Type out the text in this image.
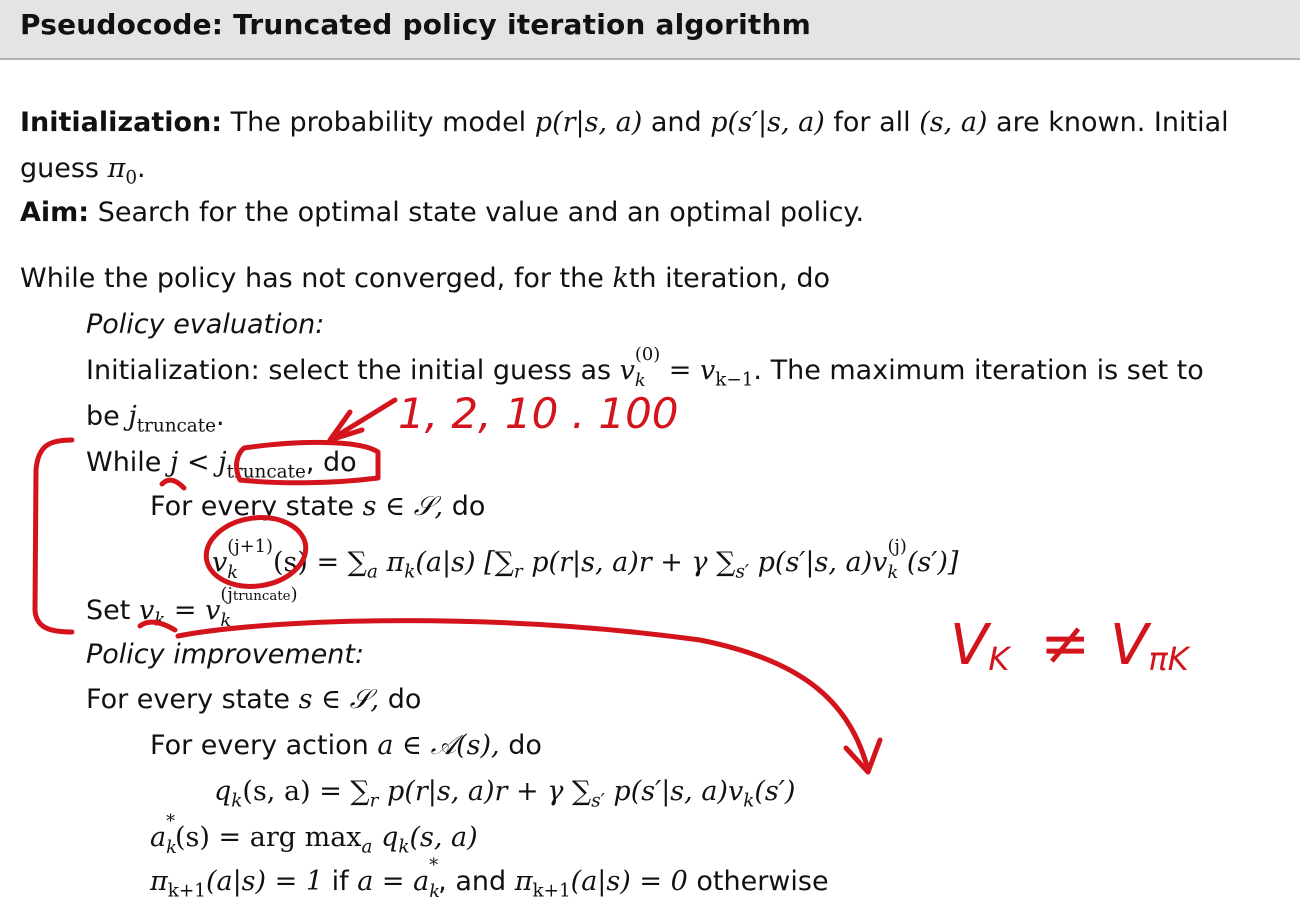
Pseudocode: Truncated policy iteration algorithm
Initialization: The probability model p(r|s, a) and p(s′|s, a) for all (s, a) are known. Initial
guess $\pi_0$.
Aim: Search for the optimal state value and an optimal policy.
While the policy has not converged, for the kth iteration, do
Policy evaluation:
Initialization: select the initial guess as v
(0)
$k = v_{k-1}$. The maximum iteration is set to
be $j_{truncate}$.
While $j < j_{truncate}$, do
For every state s ∈ 𝒮, do
v
(j+1)
k $(s) = \sum_a$ $\pi_k(a|s)$ [$\sum_r$ p(r|s, a)r + γ $\sum_{s'}$ p(s′|s, a)v
(j)
k (s′)]
Set $v_k = v$
(jtruncate)
k
Policy improvement:
For every state s ∈ 𝒮, do
For every action a ∈ 𝒜(s), do
$q_k(s$, $a) = \sum_r$ p(r|s, a)r + γ $\sum_{s'}$ p(s′|s, $a)v_k(s')$
a
*
k
(s) = arg $\max_a q_k(s$, a)
$\pi_{k+1}(a|s) = 1$ if a = a
*
k
, and $\pi_{k+1}(a|s) = 0$ otherwise
1, 2, 10 . 100
VK ≠ VπK
